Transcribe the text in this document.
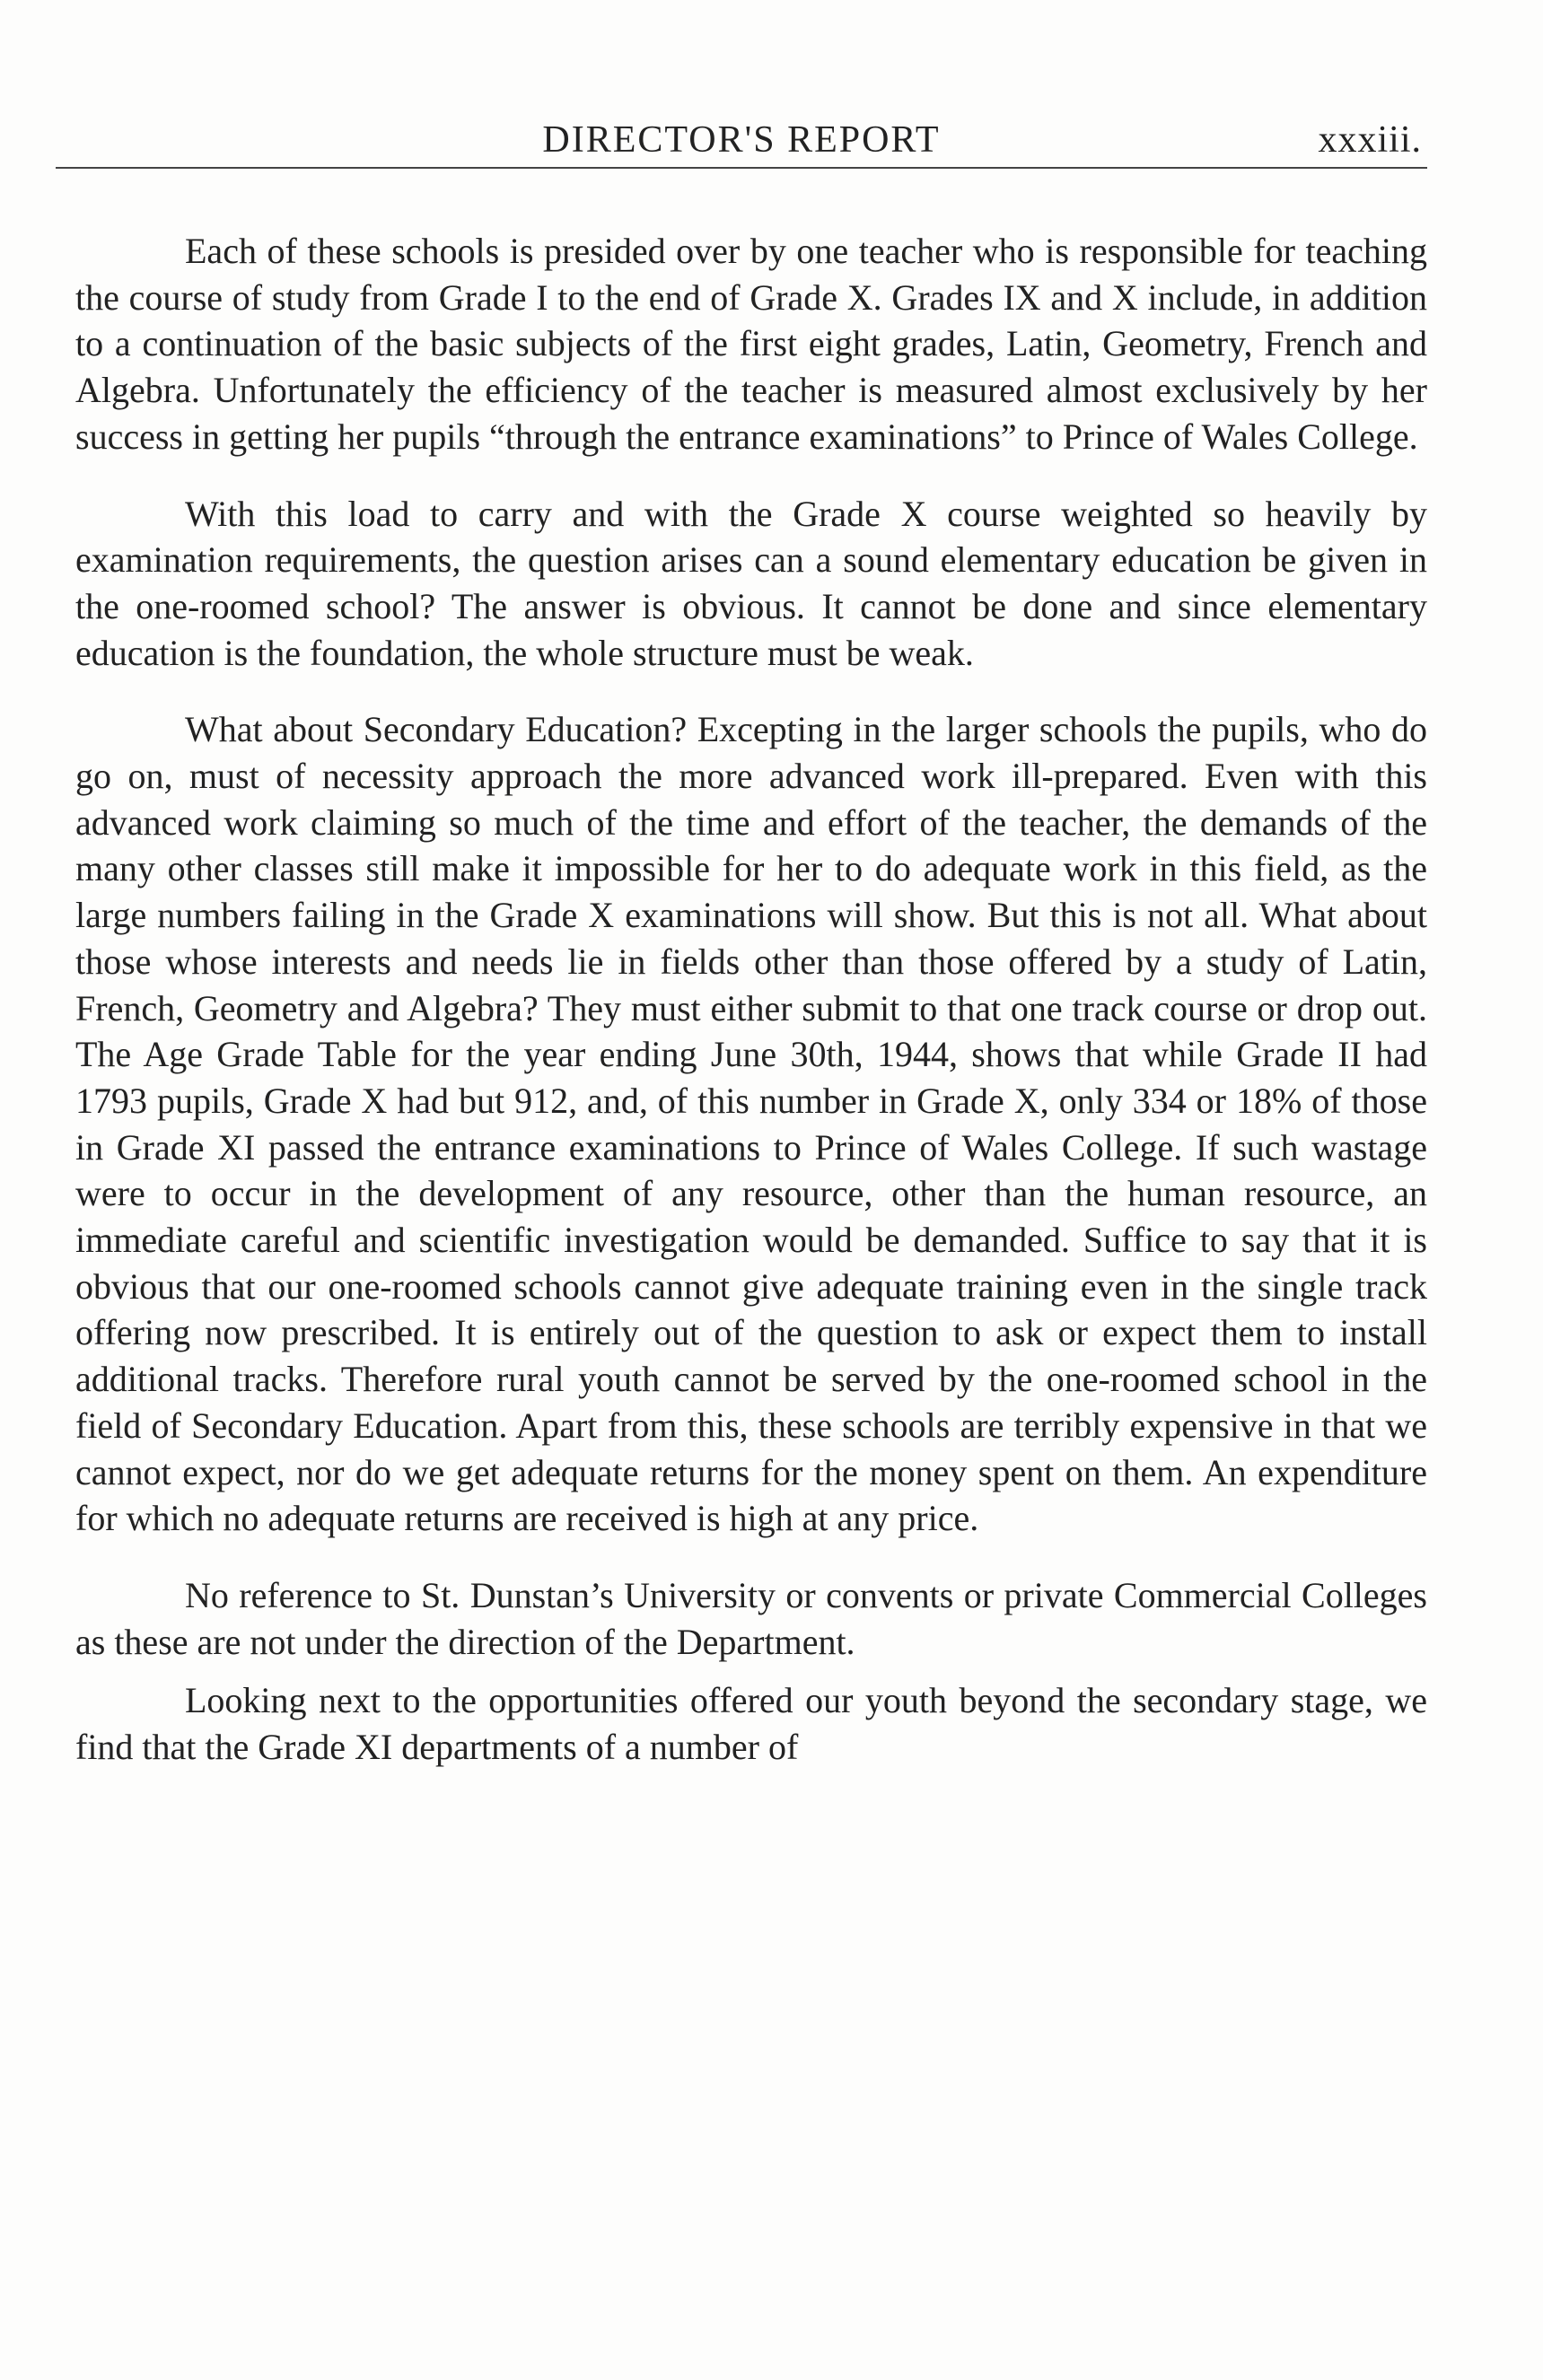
DIRECTOR'S REPORT	xxxiii.

Each of these schools is presided over by one teacher who is responsible for teaching the course of study from Grade I to the end of Grade X. Grades IX and X include, in addition to a continuation of the basic subjects of the first eight grades, Latin, Geometry, French and Algebra. Unfortunately the efficiency of the teacher is measured almost exclusively by her success in getting her pupils “through the entrance examinations” to Prince of Wales College.

With this load to carry and with the Grade X course weighted so heavily by examination requirements, the question arises can a sound elementary education be given in the one-roomed school? The answer is obvious. It cannot be done and since elementary education is the foundation, the whole structure must be weak.

What about Secondary Education? Excepting in the larger schools the pupils, who do go on, must of necessity approach the more advanced work ill-prepared. Even with this advanced work claiming so much of the time and effort of the teacher, the demands of the many other classes still make it impossible for her to do adequate work in this field, as the large numbers failing in the Grade X examinations will show. But this is not all. What about those whose interests and needs lie in fields other than those offered by a study of Latin, French, Geometry and Algebra? They must either submit to that one track course or drop out. The Age Grade Table for the year ending June 30th, 1944, shows that while Grade II had 1793 pupils, Grade X had but 912, and, of this number in Grade X, only 334 or 18% of those in Grade XI passed the entrance examinations to Prince of Wales College. If such wastage were to occur in the development of any resource, other than the human resource, an immediate careful and scientific investigation would be demanded. Suffice to say that it is obvious that our one-roomed schools cannot give adequate training even in the single track offering now prescribed. It is entirely out of the question to ask or expect them to install additional tracks. Therefore rural youth cannot be served by the one-roomed school in the field of Secondary Education. Apart from this, these schools are terribly expensive in that we cannot expect, nor do we get adequate returns for the money spent on them. An expenditure for which no adequate returns are received is high at any price.

No reference to St. Dunstan’s University or convents or private Commercial Colleges as these are not under the direction of the Department.

Looking next to the opportunities offered our youth beyond the secondary stage, we find that the Grade XI departments of a number of
